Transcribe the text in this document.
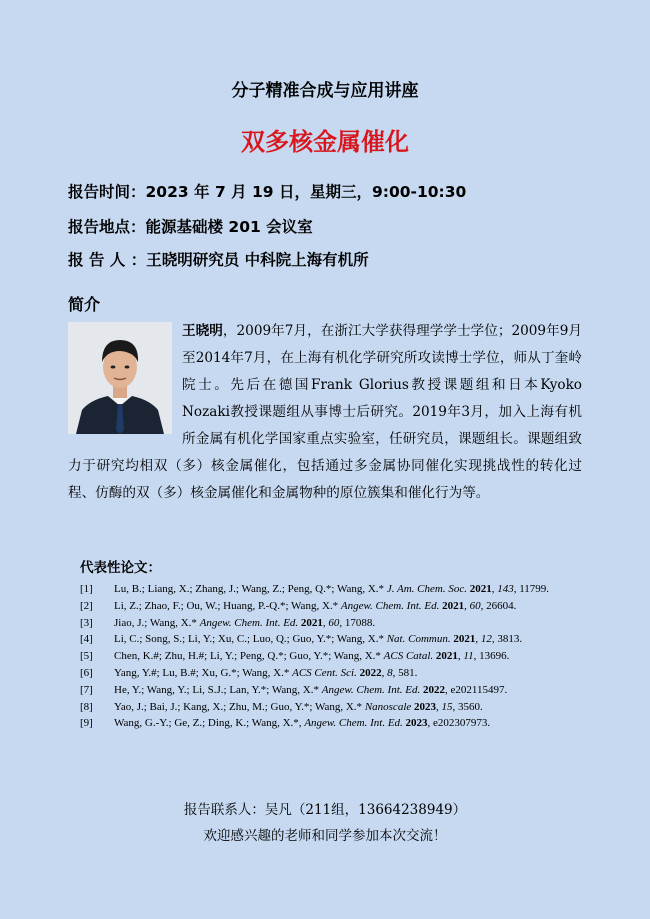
分子精准合成与应用讲座
双多核金属催化
报告时间：2023 年 7 月 19 日，星期三，9:00-10:30
报告地点：能源基础楼 201 会议室
报 告 人 ：王晓明研究员 中科院上海有机所
简介
王晓明，2009年7月，在浙江大学获得理学学士学位；2009年9月至2014年7月，在上海有机化学研究所攻读博士学位，师从丁奎岭院士。先后在德国Frank Glorius教授课题组和日本Kyoko Nozaki教授课题组从事博士后研究。2019年3月，加入上海有机所金属有机化学国家重点实验室，任研究员，课题组长。课题组致力于研究均相双（多）核金属催化，包括通过多金属协同催化实现挑战性的转化过程、仿酶的双（多）核金属催化和金属物种的原位簇集和催化行为等。
代表性论文：
[1] Lu, B.; Liang, X.; Zhang, J.; Wang, Z.; Peng, Q.*; Wang, X.* J. Am. Chem. Soc. 2021, 143, 11799.
[2] Li, Z.; Zhao, F.; Ou, W.; Huang, P.-Q.*; Wang, X.* Angew. Chem. Int. Ed. 2021, 60, 26604.
[3] Jiao, J.; Wang, X.* Angew. Chem. Int. Ed. 2021, 60, 17088.
[4] Li, C.; Song, S.; Li, Y.; Xu, C.; Luo, Q.; Guo, Y.*; Wang, X.* Nat. Commun. 2021, 12, 3813.
[5] Chen, K.#; Zhu, H.#; Li, Y.; Peng, Q.*; Guo, Y.*; Wang, X.* ACS Catal. 2021, 11, 13696.
[6] Yang, Y.#; Lu, B.#; Xu, G.*; Wang, X.* ACS Cent. Sci. 2022, 8, 581.
[7] He, Y.; Wang, Y.; Li, S.J.; Lan, Y.*; Wang, X.* Angew. Chem. Int. Ed. 2022, e202115497.
[8] Yao, J.; Bai, J.; Kang, X.; Zhu, M.; Guo, Y.*; Wang, X.* Nanoscale 2023, 15, 3560.
[9] Wang, G.-Y.; Ge, Z.; Ding, K.; Wang, X.*, Angew. Chem. Int. Ed. 2023, e202307973.
报告联系人：吴凡（211组，13664238949）
欢迎感兴趣的老师和同学参加本次交流！
